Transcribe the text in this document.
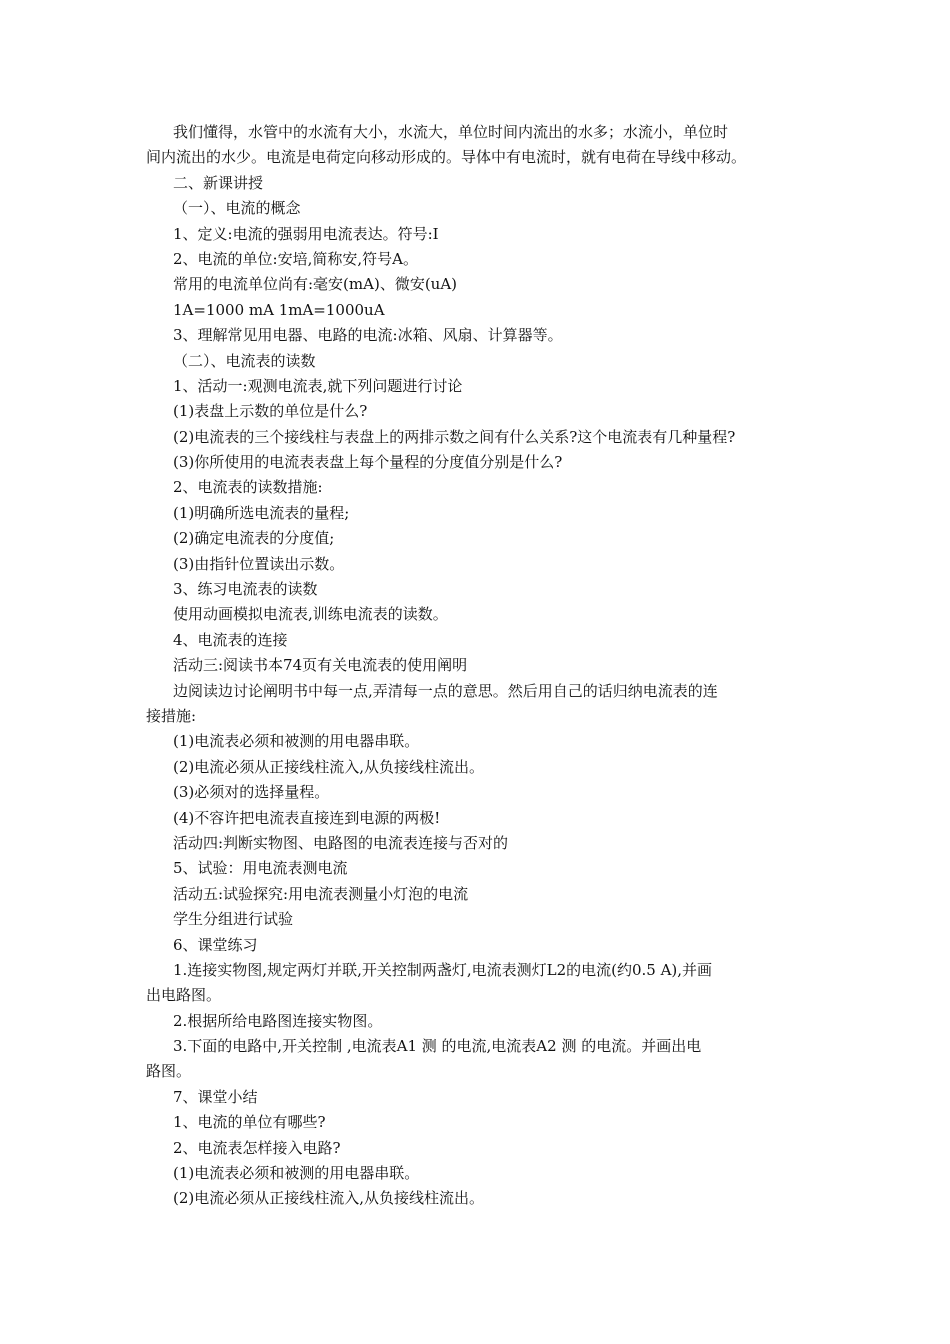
我们懂得，水管中的水流有大小，水流大，单位时间内流出的水多；水流小，单位时
间内流出的水少。电流是电荷定向移动形成的。导体中有电流时，就有电荷在导线中移动。
二、新课讲授
（一）、电流的概念
1、定义:电流的强弱用电流表达。符号:I
2、电流的单位:安培,简称安,符号A。
常用的电流单位尚有:毫安(mA)、微安(uA)
1A=1000 mA 1mA=1000uA
3、理解常见用电器、电路的电流:冰箱、风扇、计算器等。
（二）、电流表的读数
1、活动一:观测电流表,就下列问题进行讨论
(1)表盘上示数的单位是什么?
(2)电流表的三个接线柱与表盘上的两排示数之间有什么关系?这个电流表有几种量程?
(3)你所使用的电流表表盘上每个量程的分度值分别是什么?
2、电流表的读数措施:
(1)明确所选电流表的量程;
(2)确定电流表的分度值;
(3)由指针位置读出示数。
3、练习电流表的读数
使用动画模拟电流表,训练电流表的读数。
4、电流表的连接
活动三:阅读书本74页有关电流表的使用阐明
边阅读边讨论阐明书中每一点,弄清每一点的意思。然后用自己的话归纳电流表的连
接措施:
(1)电流表必须和被测的用电器串联。
(2)电流必须从正接线柱流入,从负接线柱流出。
(3)必须对的选择量程。
(4)不容许把电流表直接连到电源的两极!
活动四:判断实物图、电路图的电流表连接与否对的
5、试验：用电流表测电流
活动五:试验探究:用电流表测量小灯泡的电流
学生分组进行试验
6、课堂练习
1.连接实物图,规定两灯并联,开关控制两盏灯,电流表测灯L2的电流(约0.5 A),并画
出电路图。
2.根据所给电路图连接实物图。
3.下面的电路中,开关控制 ,电流表A1 测 的电流,电流表A2 测 的电流。并画出电
路图。
7、课堂小结
1、电流的单位有哪些?
2、电流表怎样接入电路?
(1)电流表必须和被测的用电器串联。
(2)电流必须从正接线柱流入,从负接线柱流出。
